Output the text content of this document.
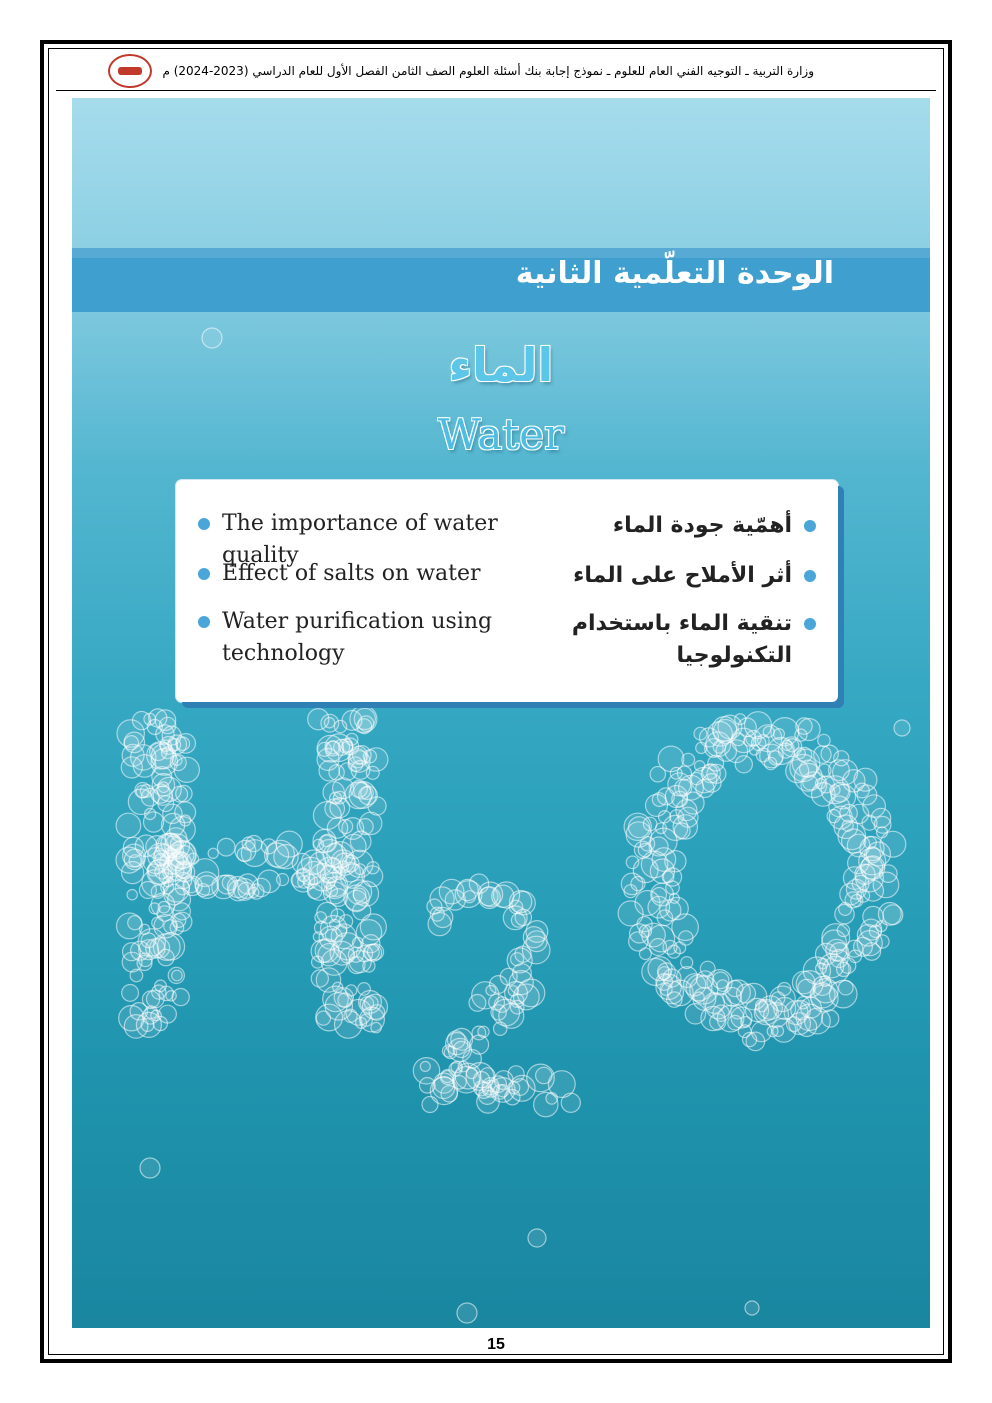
وزارة التربية ـ التوجيه الفني العام للعلوم ـ نموذج إجابة بنك أسئلة العلوم الصف الثامن الفصل الأول للعام الدراسي (2023-2024) م
الوحدة التعلّمية الثانية
الماء
Water
The importance of water quality
أهمّية جودة الماء
Effect of salts on water	أثر الأملاح على الماء
Water purification using technology
تنقية الماء باستخدام التكنولوجيا
15
